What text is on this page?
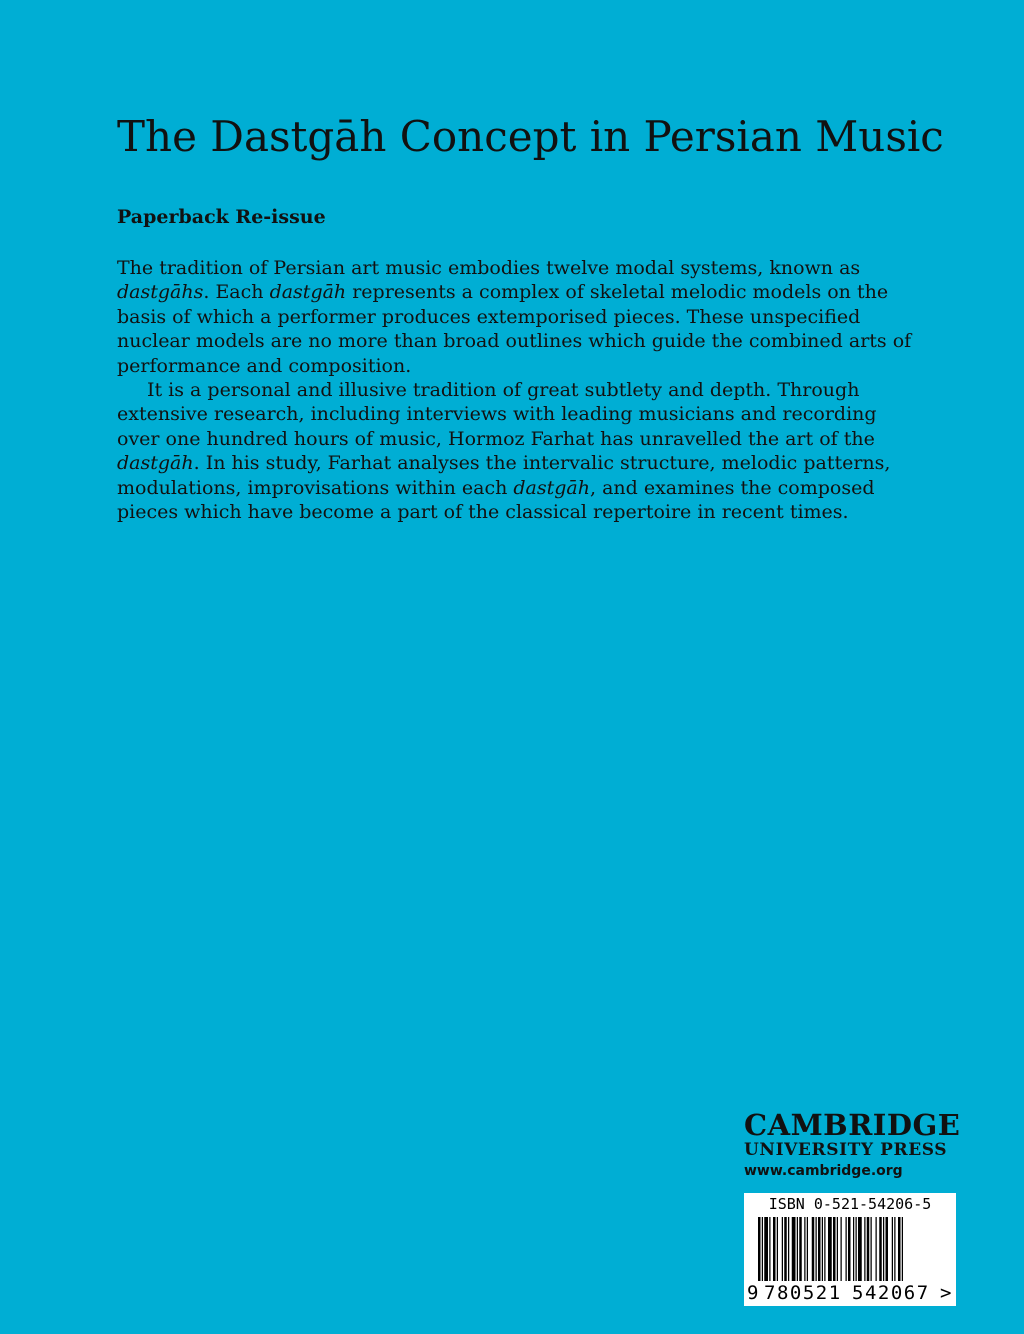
The Dastgāh Concept in Persian Music
Paperback Re-issue

The tradition of Persian art music embodies twelve modal systems, known as dastgāhs. Each dastgāh represents a complex of skeletal melodic models on the basis of which a performer produces extemporised pieces. These unspecified nuclear models are no more than broad outlines which guide the combined arts of performance and composition.

It is a personal and illusive tradition of great subtlety and depth. Through extensive research, including interviews with leading musicians and recording over one hundred hours of music, Hormoz Farhat has unravelled the art of the dastgāh. In his study, Farhat analyses the intervalic structure, melodic patterns, modulations, improvisations within each dastgāh, and examines the composed pieces which have become a part of the classical repertoire in recent times.

CAMBRIDGE
UNIVERSITY PRESS
www.cambridge.org
ISBN 0-521-54206-5
9 780521 542067 >
